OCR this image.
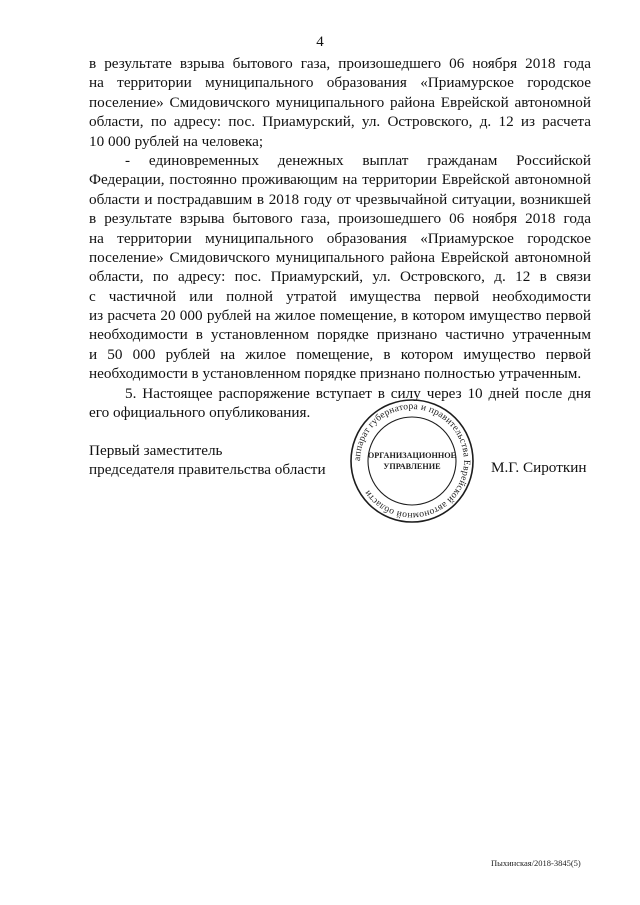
4
в результате взрыва бытового газа, произошедшего 06 ноября 2018 года
на территории муниципального образования «Приамурское городское
поселение» Смидовичского муниципального района Еврейской автономной
области, по адресу: пос. Приамурский, ул. Островского, д. 12 из расчета
10 000 рублей на человека;
- единовременных денежных выплат гражданам Российской
Федерации, постоянно проживающим на территории Еврейской автономной
области и пострадавшим в 2018 году от чрезвычайной ситуации, возникшей
в результате взрыва бытового газа, произошедшего 06 ноября 2018 года
на территории муниципального образования «Приамурское городское
поселение» Смидовичского муниципального района Еврейской автономной
области, по адресу: пос. Приамурский, ул. Островского, д. 12 в связи
с частичной или полной утратой имущества первой необходимости
из расчета 20 000 рублей на жилое помещение, в котором имущество первой
необходимости в установленном порядке признано частично утраченным
и 50 000 рублей на жилое помещение, в котором имущество первой
необходимости в установленном порядке признано полностью утраченным.
5. Настоящее распоряжение вступает в силу через 10 дней после дня
его официального опубликования.
Первый заместитель
председателя правительства области
аппарат губернатора и правительства Еврейской автономной области
ОРГАНИЗАЦИОННОЕ
УПРАВЛЕНИЕ	М.Г. Сироткин
Пыхинская/2018-3845(5)
